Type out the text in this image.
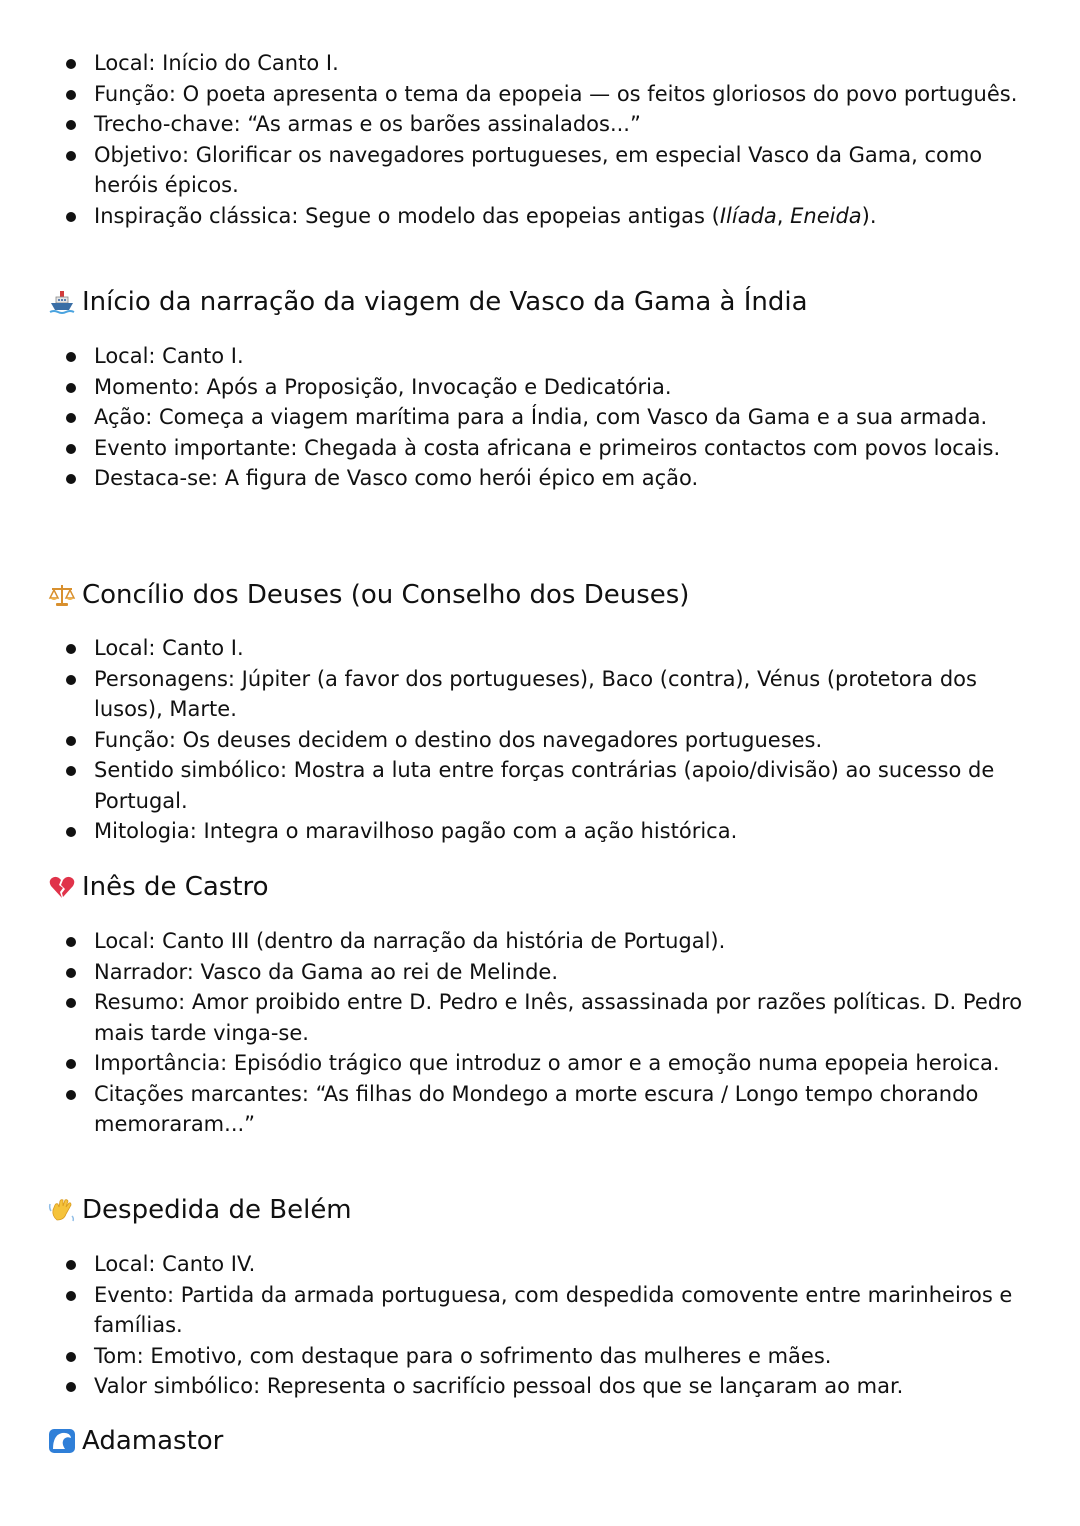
Local: Início do Canto I.
Função: O poeta apresenta o tema da epopeia — os feitos gloriosos do povo português.
Trecho-chave: “As armas e os barões assinalados...”
Objetivo: Glorificar os navegadores portugueses, em especial Vasco da Gama, como heróis épicos.
Inspiração clássica: Segue o modelo das epopeias antigas (Ilíada, Eneida).
Início da narração da viagem de Vasco da Gama à Índia
Local: Canto I.
Momento: Após a Proposição, Invocação e Dedicatória.
Ação: Começa a viagem marítima para a Índia, com Vasco da Gama e a sua armada.
Evento importante: Chegada à costa africana e primeiros contactos com povos locais.
Destaca-se: A figura de Vasco como herói épico em ação.
Concílio dos Deuses (ou Conselho dos Deuses)
Local: Canto I.
Personagens: Júpiter (a favor dos portugueses), Baco (contra), Vénus (protetora dos lusos), Marte.
Função: Os deuses decidem o destino dos navegadores portugueses.
Sentido simbólico: Mostra a luta entre forças contrárias (apoio/divisão) ao sucesso de Portugal.
Mitologia: Integra o maravilhoso pagão com a ação histórica.
Inês de Castro
Local: Canto III (dentro da narração da história de Portugal).
Narrador: Vasco da Gama ao rei de Melinde.
Resumo: Amor proibido entre D. Pedro e Inês, assassinada por razões políticas. D. Pedro mais tarde vinga-se.
Importância: Episódio trágico que introduz o amor e a emoção numa epopeia heroica.
Citações marcantes: “As filhas do Mondego a morte escura / Longo tempo chorando memoraram...”
Despedida de Belém
Local: Canto IV.
Evento: Partida da armada portuguesa, com despedida comovente entre marinheiros e famílias.
Tom: Emotivo, com destaque para o sofrimento das mulheres e mães.
Valor simbólico: Representa o sacrifício pessoal dos que se lançaram ao mar.
Adamastor
